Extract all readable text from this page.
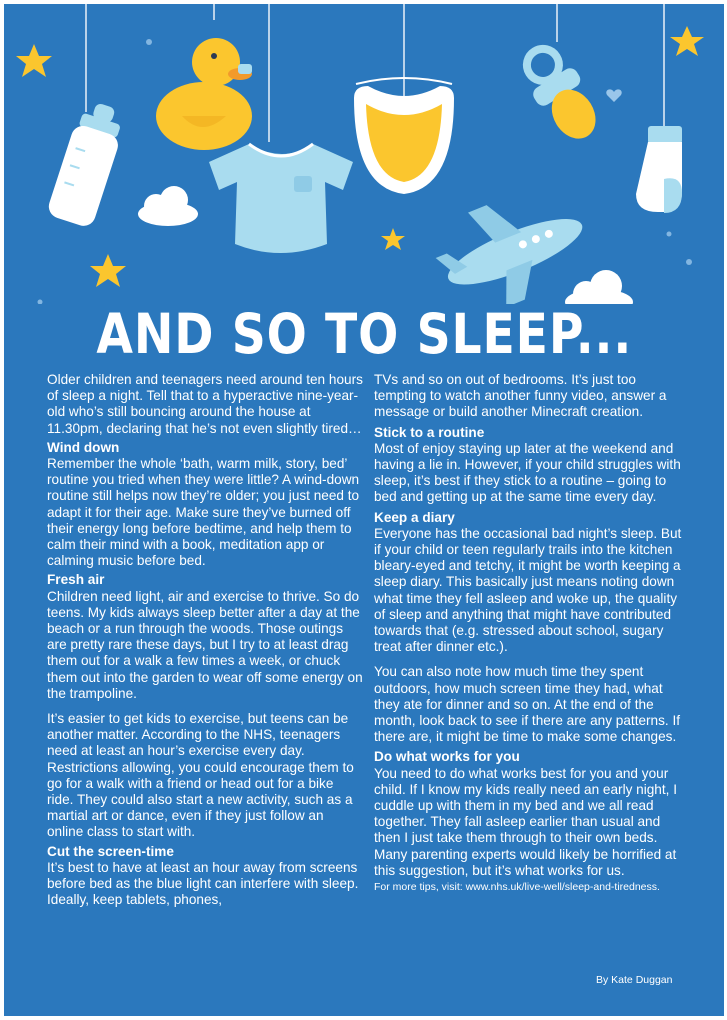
AND SO TO SLEEP...

Older children and teenagers need around ten hours of sleep a night. Tell that to a hyperactive nine-year-old who’s still bouncing around the house at 11.30pm, declaring that he’s not even slightly tired…

Wind down

Remember the whole ‘bath, warm milk, story, bed’ routine you tried when they were little? A wind-down routine still helps now they’re older; you just need to adapt it for their age. Make sure they’ve burned off their energy long before bedtime, and help them to calm their mind with a book, meditation app or calming music before bed.

Fresh air

Children need light, air and exercise to thrive. So do teens. My kids always sleep better after a day at the beach or a run through the woods. Those outings are pretty rare these days, but I try to at least drag them out for a walk a few times a week, or chuck them out into the garden to wear off some energy on the trampoline.

It’s easier to get kids to exercise, but teens can be another matter. According to the NHS, teenagers need at least an hour’s exercise every day. Restrictions allowing, you could encourage them to go for a walk with a friend or head out for a bike ride. They could also start a new activity, such as a martial art or dance, even if they just follow an online class to start with.

Cut the screen-time

It’s best to have at least an hour away from screens before bed as the blue light can interfere with sleep. Ideally, keep tablets, phones,

TVs and so on out of bedrooms. It’s just too tempting to watch another funny video, answer a message or build another Minecraft creation.

Stick to a routine

Most of enjoy staying up later at the weekend and having a lie in. However, if your child struggles with sleep, it’s best if they stick to a routine – going to bed and getting up at the same time every day.

Keep a diary

Everyone has the occasional bad night’s sleep. But if your child or teen regularly trails into the kitchen bleary-eyed and tetchy, it might be worth keeping a sleep diary. This basically just means noting down what time they fell asleep and woke up, the quality of sleep and anything that might have contributed towards that (e.g. stressed about school, sugary treat after dinner etc.).

You can also note how much time they spent outdoors, how much screen time they had, what they ate for dinner and so on. At the end of the month, look back to see if there are any patterns. If there are, it might be time to make some changes.

Do what works for you

You need to do what works best for you and your child. If I know my kids really need an early night, I cuddle up with them in my bed and we all read together. They fall asleep earlier than usual and then I just take them through to their own beds. Many parenting experts would likely be horrified at this suggestion, but it’s what works for us.

For more tips, visit: www.nhs.uk/live-well/sleep-and-tiredness.
By Kate Duggan
